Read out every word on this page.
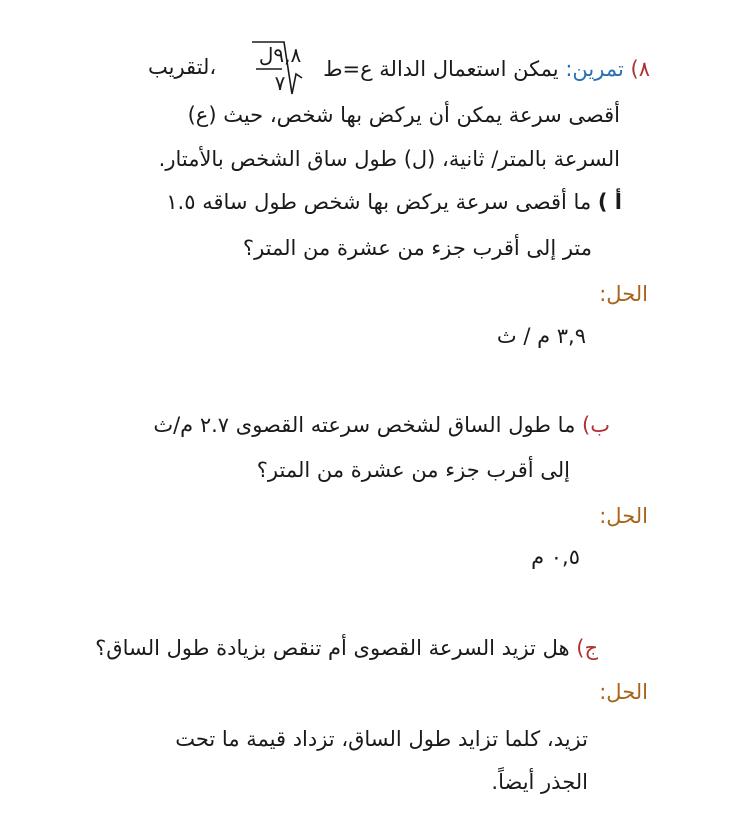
٨) تمرين: يمكن استعمال الدالة ع=ط
٩,٨ل
٧
،لتقريب
أقصى سرعة يمكن أن يركض بها شخص، حيث (ع)
السرعة بالمتر/ ثانية، (ل) طول ساق الشخص بالأمتار.
أ ) ما أقصى سرعة يركض بها شخص طول ساقه ١.٥
متر إلى أقرب جزء من عشرة من المتر؟
الحل:
٣,٩ م / ث
ب) ما طول الساق لشخص سرعته القصوى ٢.٧ م/ث
إلى أقرب جزء من عشرة من المتر؟
الحل:
٠,٥ م
ج) هل تزيد السرعة القصوى أم تنقص بزيادة طول الساق؟
الحل:
تزيد، كلما تزايد طول الساق، تزداد قيمة ما تحت
الجذر أيضاً.
